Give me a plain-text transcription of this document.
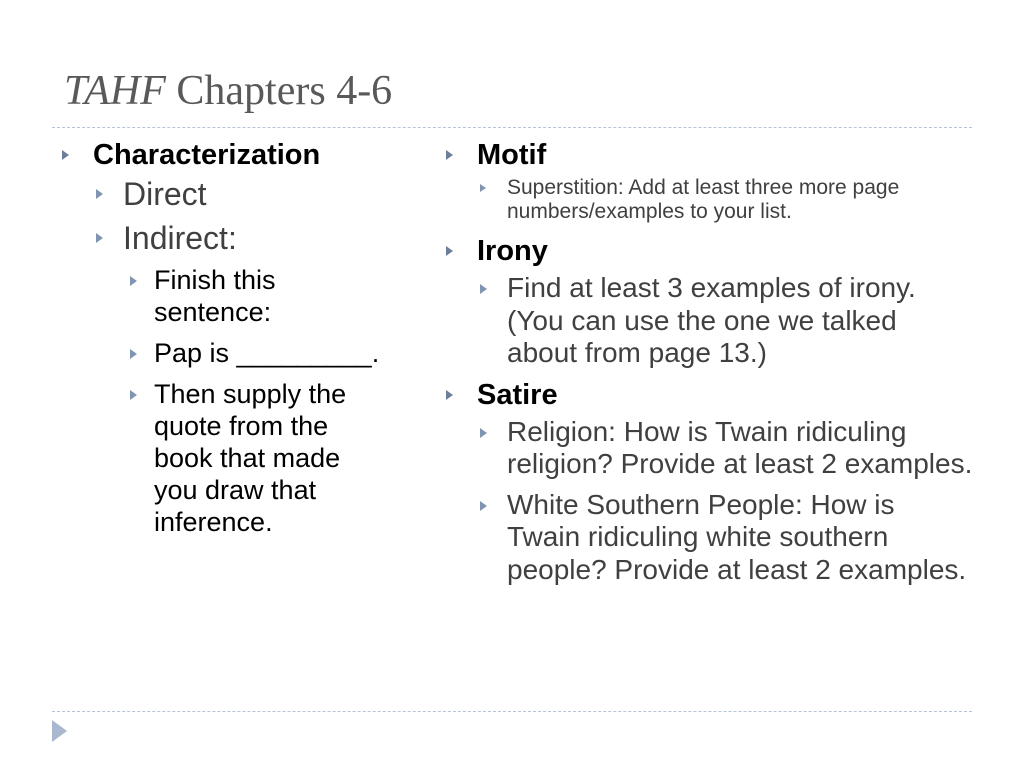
TAHF Chapters 4-6
Characterization
Direct
Indirect:
Finish this sentence:
Pap is _________.
Then supply the quote from the book that made you draw that inference.
Motif
Superstition: Add at least three more page numbers/examples to your list.
Irony
Find at least 3 examples of irony. (You can use the one we talked about from page 13.)
Satire
Religion: How is Twain ridiculing religion? Provide at least 2 examples.
White Southern People: How is Twain ridiculing white southern people? Provide at least 2 examples.
